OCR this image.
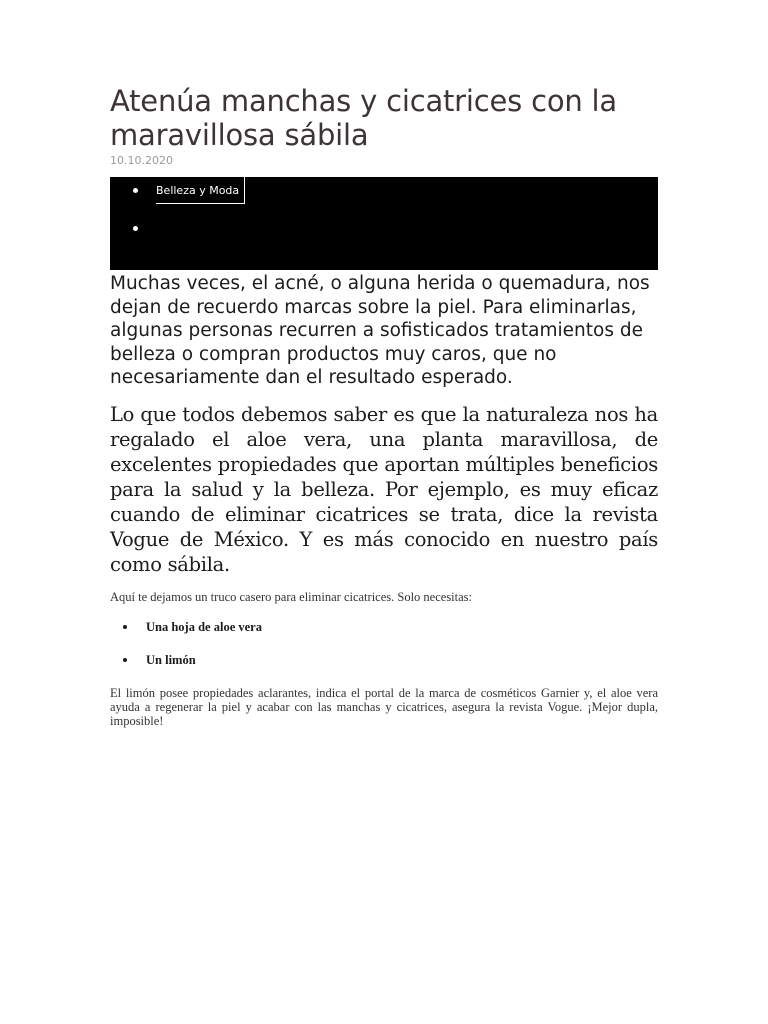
Atenúa manchas y cicatrices con la maravillosa sábila
10.10.2020
Belleza y Moda

Muchas veces, el acné, o alguna herida o quemadura, nos dejan de recuerdo marcas sobre la piel. Para eliminarlas, algunas personas recurren a sofisticados tratamientos de belleza o compran productos muy caros, que no necesariamente dan el resultado esperado.

Lo que todos debemos saber es que la naturaleza nos ha regalado el aloe vera, una planta maravillosa, de excelentes propiedades que aportan múltiples beneficios para la salud y la belleza. Por ejemplo, es muy eficaz cuando de eliminar cicatrices se trata, dice la revista Vogue de México. Y es más conocido en nuestro país como sábila.

Aquí te dejamos un truco casero para eliminar cicatrices. Solo necesitas:

Una hoja de aloe vera
Un limón

El limón posee propiedades aclarantes, indica el portal de la marca de cosméticos Garnier y, el aloe vera ayuda a regenerar la piel y acabar con las manchas y cicatrices, asegura la revista Vogue. ¡Mejor dupla, imposible!
